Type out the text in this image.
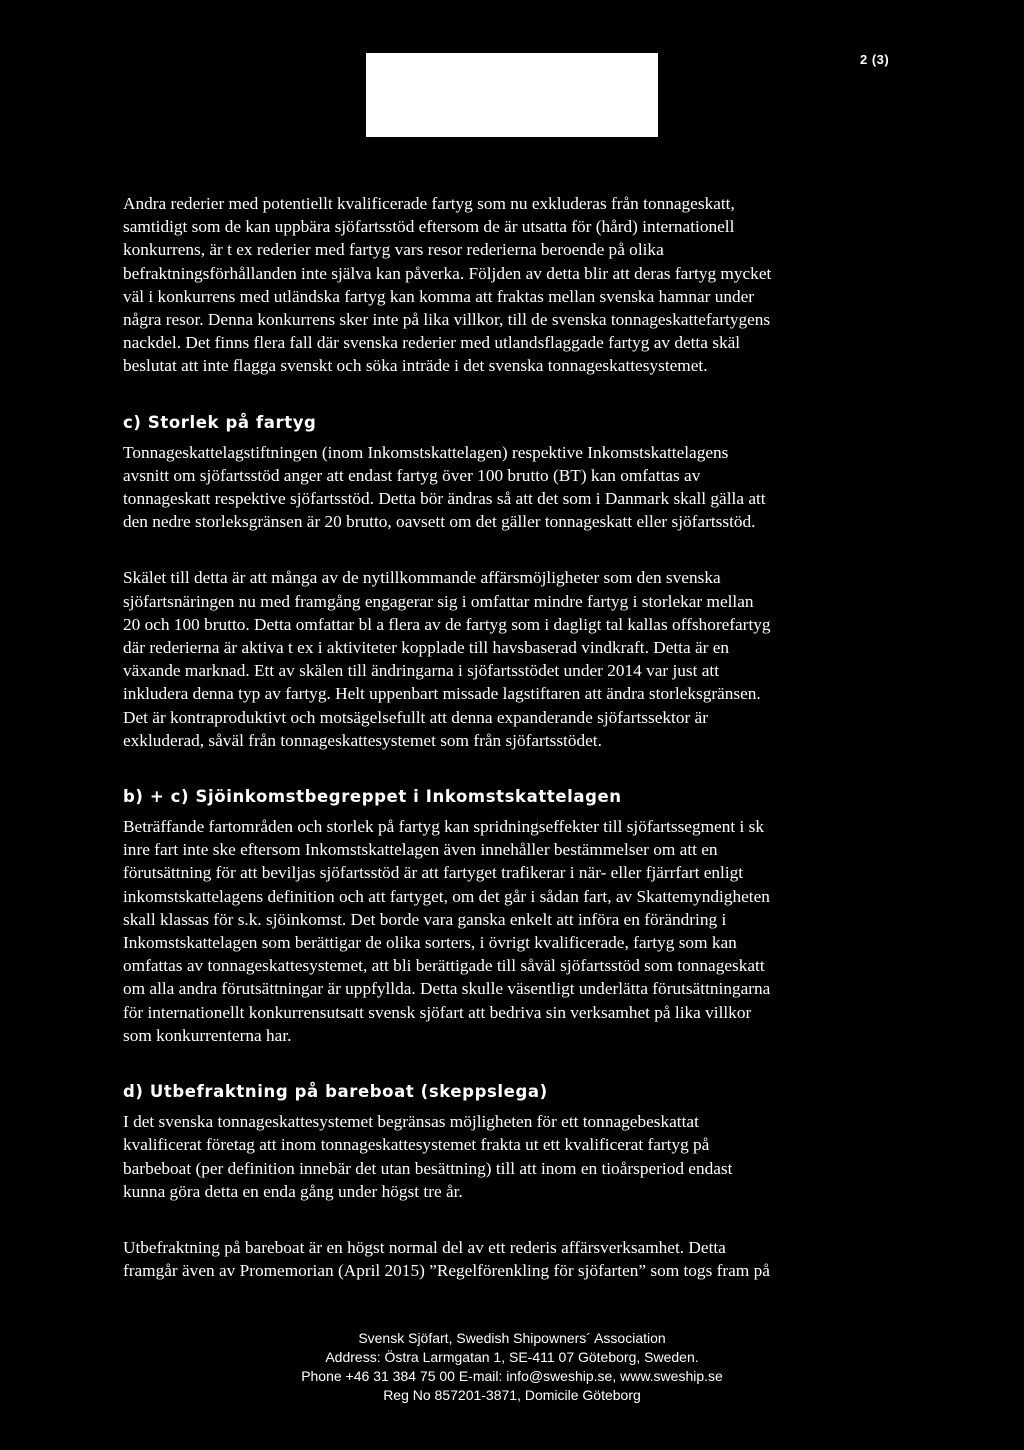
2 (3)

Andra rederier med potentiellt kvalificerade fartyg som nu exkluderas från tonnageskatt,
samtidigt som de kan uppbära sjöfartsstöd eftersom de är utsatta för (hård) internationell
konkurrens, är t ex rederier med fartyg vars resor rederierna beroende på olika
befraktningsförhållanden inte själva kan påverka. Följden av detta blir att deras fartyg mycket
väl i konkurrens med utländska fartyg kan komma att fraktas mellan svenska hamnar under
några resor. Denna konkurrens sker inte på lika villkor, till de svenska tonnageskattefartygens
nackdel. Det finns flera fall där svenska rederier med utlandsflaggade fartyg av detta skäl
beslutat att inte flagga svenskt och söka inträde i det svenska tonnageskattesystemet.

c) Storlek på fartyg

Tonnageskattelagstiftningen (inom Inkomstskattelagen) respektive Inkomstskattelagens
avsnitt om sjöfartsstöd anger att endast fartyg över 100 brutto (BT) kan omfattas av
tonnageskatt respektive sjöfartsstöd. Detta bör ändras så att det som i Danmark skall gälla att
den nedre storleksgränsen är 20 brutto, oavsett om det gäller tonnageskatt eller sjöfartsstöd.

Skälet till detta är att många av de nytillkommande affärsmöjligheter som den svenska
sjöfartsnäringen nu med framgång engagerar sig i omfattar mindre fartyg i storlekar mellan
20 och 100 brutto. Detta omfattar bl a flera av de fartyg som i dagligt tal kallas offshorefartyg
där rederierna är aktiva t ex i aktiviteter kopplade till havsbaserad vindkraft. Detta är en
växande marknad. Ett av skälen till ändringarna i sjöfartsstödet under 2014 var just att
inkludera denna typ av fartyg. Helt uppenbart missade lagstiftaren att ändra storleksgränsen.
Det är kontraproduktivt och motsägelsefullt att denna expanderande sjöfartssektor är
exkluderad, såväl från tonnageskattesystemet som från sjöfartsstödet.

b) + c) Sjöinkomstbegreppet i Inkomstskattelagen

Beträffande fartområden och storlek på fartyg kan spridningseffekter till sjöfartssegment i sk
inre fart inte ske eftersom Inkomstskattelagen även innehåller bestämmelser om att en
förutsättning för att beviljas sjöfartsstöd är att fartyget trafikerar i när- eller fjärrfart enligt
inkomstskattelagens definition och att fartyget, om det går i sådan fart, av Skattemyndigheten
skall klassas för s.k. sjöinkomst. Det borde vara ganska enkelt att införa en förändring i
Inkomstskattelagen som berättigar de olika sorters, i övrigt kvalificerade, fartyg som kan
omfattas av tonnageskattesystemet, att bli berättigade till såväl sjöfartsstöd som tonnageskatt
om alla andra förutsättningar är uppfyllda. Detta skulle väsentligt underlätta förutsättningarna
för internationellt konkurrensutsatt svensk sjöfart att bedriva sin verksamhet på lika villkor
som konkurrenterna har.

d) Utbefraktning på bareboat (skeppslega)

I det svenska tonnageskattesystemet begränsas möjligheten för ett tonnagebeskattat
kvalificerat företag att inom tonnageskattesystemet frakta ut ett kvalificerat fartyg på
barbeboat (per definition innebär det utan besättning) till att inom en tioårsperiod endast
kunna göra detta en enda gång under högst tre år.

Utbefraktning på bareboat är en högst normal del av ett rederis affärsverksamhet. Detta
framgår även av Promemorian (April 2015) ”Regelförenkling för sjöfarten” som togs fram på

Svensk Sjöfart, Swedish Shipowners´ Association
Address: Östra Larmgatan 1, SE-411 07 Göteborg, Sweden.
Phone +46 31 384 75 00 E-mail: info@sweship.se, www.sweship.se
Reg No 857201-3871, Domicile Göteborg
